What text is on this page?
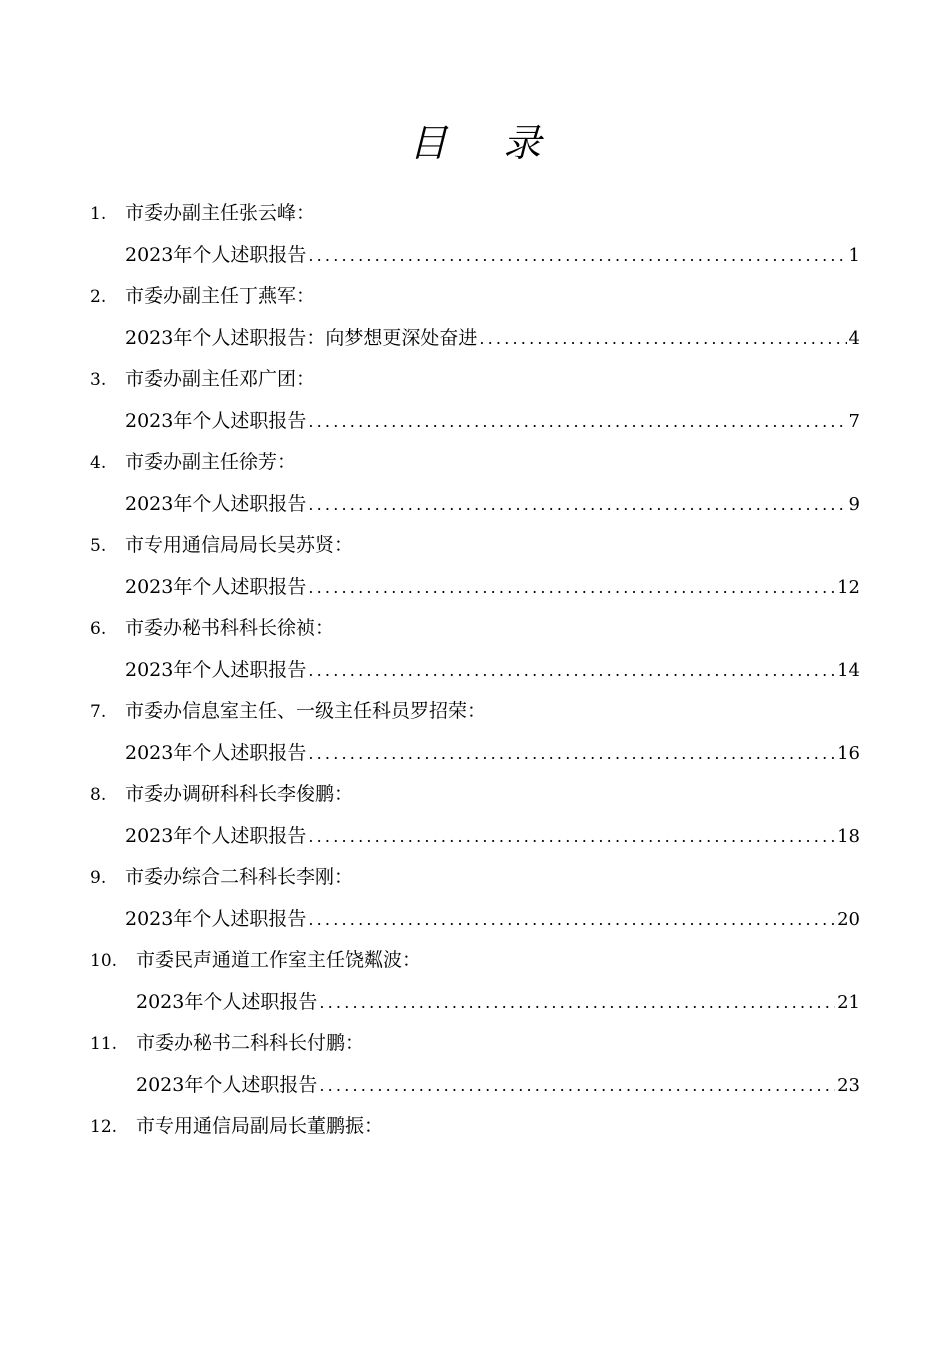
目 录
1. 市委办副主任张云峰：
2023年个人述职报告 .....	1
2. 市委办副主任丁燕军：
2023年个人述职报告：向梦想更深处奋进 .....	4
3. 市委办副主任邓广团：
2023年个人述职报告 .....	7
4. 市委办副主任徐芳：
2023年个人述职报告 .....	9
5. 市专用通信局局长吴苏贤：
2023年个人述职报告 .....	12
6. 市委办秘书科科长徐祯：
2023年个人述职报告 .....	14
7. 市委办信息室主任、一级主任科员罗招荣：
2023年个人述职报告 .....	16
8. 市委办调研科科长李俊鹏：
2023年个人述职报告 .....	18
9. 市委办综合二科科长李刚：
2023年个人述职报告 .....	20
10. 市委民声通道工作室主任饶粼波：
2023年个人述职报告 .....	21
11. 市委办秘书二科科长付鹏：
2023年个人述职报告 .....	23
12. 市专用通信局副局长董鹏振：
